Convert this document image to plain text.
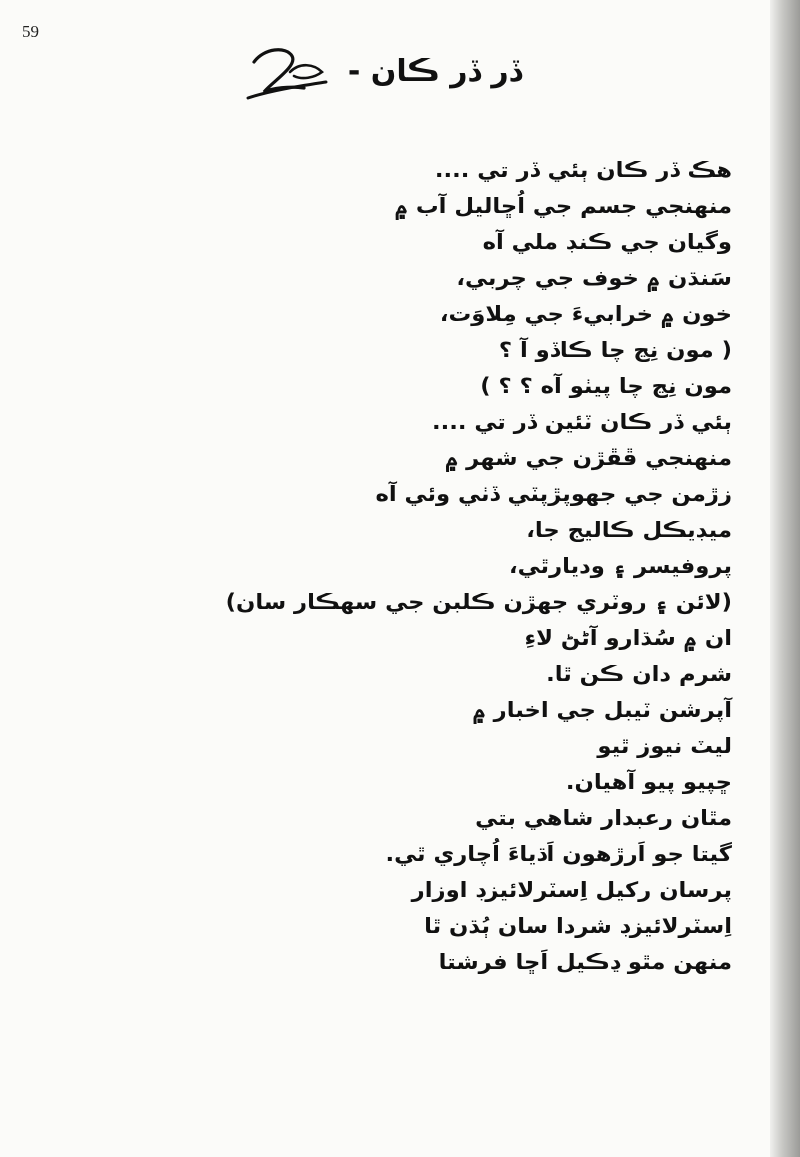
59
ڏر ڏر ڪان -
هڪ ڏر ڪان ٻئي ڏر تي ....
منهنجي جسم جي اُڇاليل آب ۾
وگيان جي ڪنڊ ملي آه
سَنڌن ۾ خوف جي چربي،
خون ۾ خرابيءَ جي مِلاوَت،
( مون نِڃ چا ڪاڏو آ ؟
مون نِڃ چا پيٺو آه ؟ ؟ )
ٻئي ڏر ڪان ٽئين ڏر تي ....
منهنجي ڦڦڙن جي شهر ۾
زڙمن جي جهوپڙپٽي ڏٺي وئي آه
ميڊيڪل ڪاليج جا،
پروفيسر ۽ وديارٿي،
(لائن ۽ روٽري جهڙن ڪلبن جي سهڪار سان)
ان ۾ سُڌارو آڻڻ لاءِ
شرم دان ڪن ٿا.
آپرشن ٽيبل جي اخبار ۾
ليٽ نيوز ٿيو
ڇپيو پيو آهيان.
مٿان رعبدار شاهي بتي
گيتا جو اَرڙهون اَڌياءَ اُچاري ٿي.
پرسان رکيل اِسٽرلائيزڊ اوزار
اِسٽرلائيزڊ شردا سان ٻُڌن ٿا
منهن مٿو ڍڪيل اَڇا فرشتا
